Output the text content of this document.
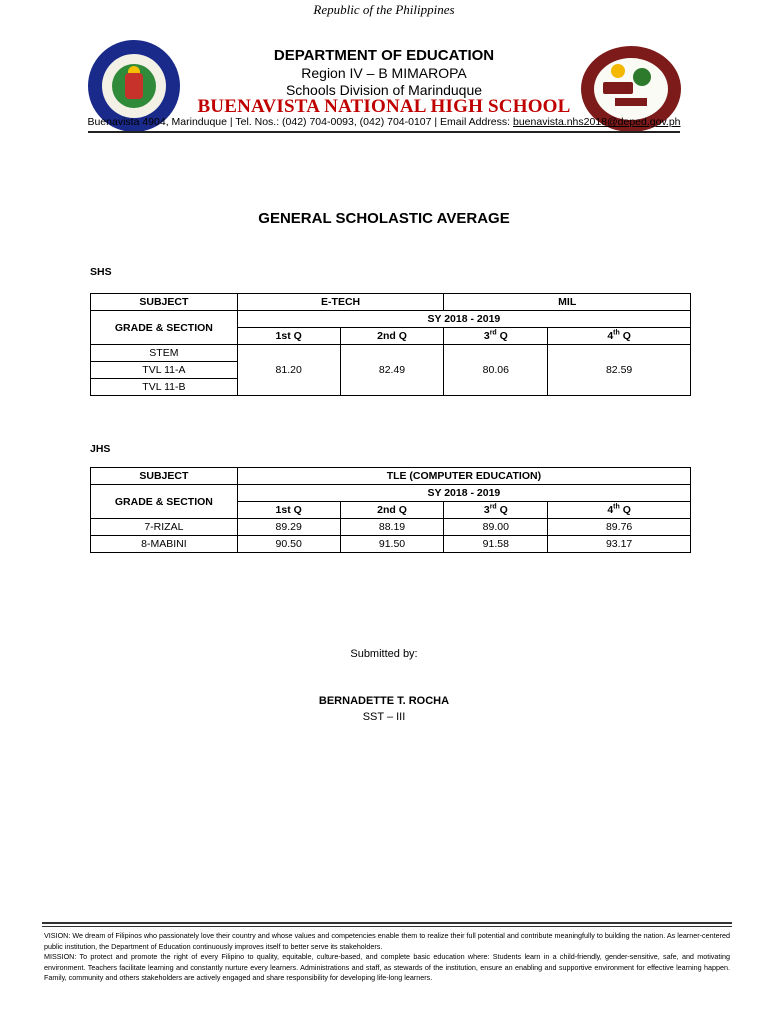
Republic of the Philippines
DEPARTMENT OF EDUCATION
Region IV – B MIMAROPA
Schools Division of Marinduque
BUENAVISTA NATIONAL HIGH SCHOOL
Buenavista 4904, Marinduque | Tel. Nos.: (042) 704-0093, (042) 704-0107 | Email Address: buenavista.nhs2018@deped.gov.ph
GENERAL SCHOLASTIC AVERAGE
SHS
SUBJECT	E-TECH		MIL	
GRADE & SECTION	SY 2018 - 2019			
	1st Q	2nd Q	3rd Q	4th Q
STEM	81.20	82.49	80.06	82.59
TVL 11-A				
TVL 11-B				
JHS
SUBJECT	TLE (COMPUTER EDUCATION)			
GRADE & SECTION	SY 2018 - 2019			
	1st Q	2nd Q	3rd Q	4th Q
7-RIZAL	89.29	88.19	89.00	89.76
8-MABINI	90.50	91.50	91.58	93.17
Submitted by:
BERNADETTE T. ROCHA
SST – III
VISION: We dream of Filipinos who passionately love their country and whose values and competencies enable them to realize their full potential and contribute meaningfully to building the nation. As learner-centered public institution, the Department of Education continuously improves itself to better serve its stakeholders.
MISSION: To protect and promote the right of every Filipino to quality, equitable, culture-based, and complete basic education where: Students learn in a child-friendly, gender-sensitive, safe, and motivating environment. Teachers facilitate learning and constantly nurture every learners. Administrations and staff, as stewards of the institution, ensure an enabling and supportive environment for effective learning happen. Family, community and others stakeholders are actively engaged and share responsibility for developing life-long learners.
